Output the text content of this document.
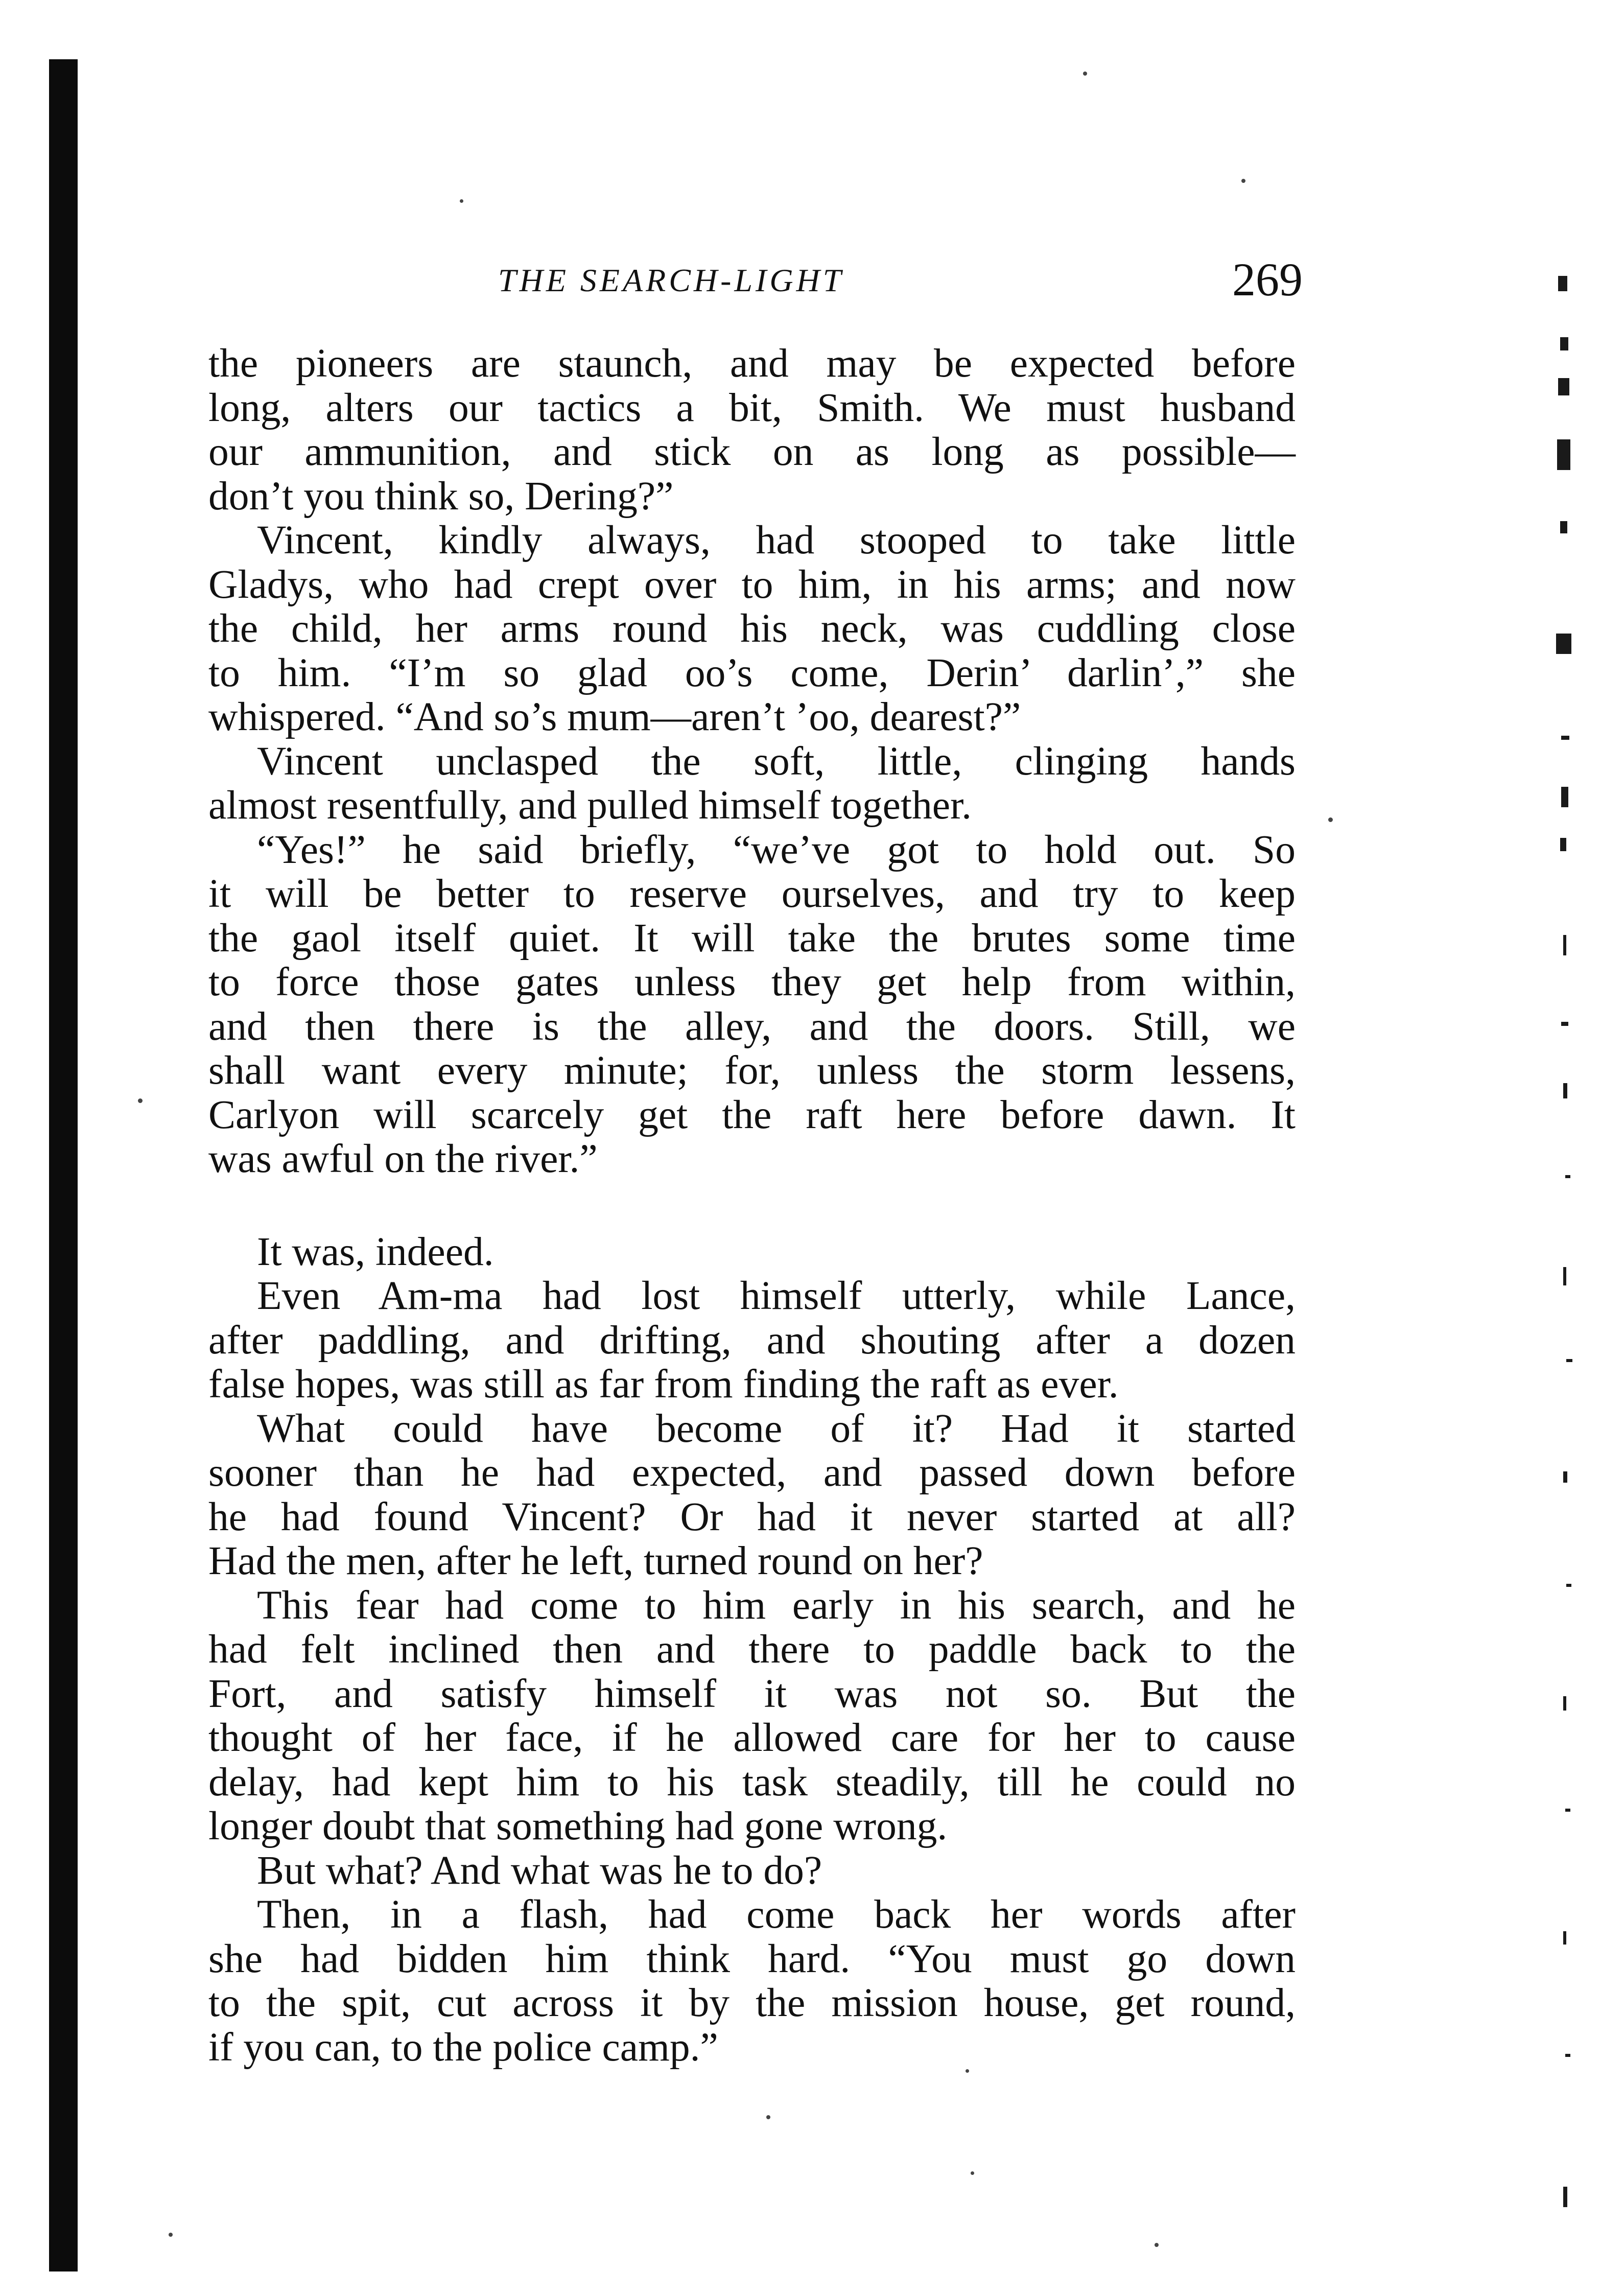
THE SEARCH-LIGHT	269
the pioneers are staunch, and may be expected before
long, alters our tactics a bit, Smith. We must husband
our ammunition, and stick on as long as possible—
don’t you think so, Dering?”
Vincent, kindly always, had stooped to take little
Gladys, who had crept over to him, in his arms; and now
the child, her arms round his neck, was cuddling close
to him. “I’m so glad oo’s come, Derin’ darlin’,” she
whispered. “And so’s mum—aren’t ’oo, dearest?”
Vincent unclasped the soft, little, clinging hands
almost resentfully, and pulled himself together.
“Yes!” he said briefly, “we’ve got to hold out. So
it will be better to reserve ourselves, and try to keep
the gaol itself quiet. It will take the brutes some time
to force those gates unless they get help from within,
and then there is the alley, and the doors. Still, we
shall want every minute; for, unless the storm lessens,
Carlyon will scarcely get the raft here before dawn. It
was awful on the river.”
It was, indeed.
Even Am-ma had lost himself utterly, while Lance,
after paddling, and drifting, and shouting after a dozen
false hopes, was still as far from finding the raft as ever.
What could have become of it? Had it started
sooner than he had expected, and passed down before
he had found Vincent? Or had it never started at all?
Had the men, after he left, turned round on her?
This fear had come to him early in his search, and he
had felt inclined then and there to paddle back to the
Fort, and satisfy himself it was not so. But the
thought of her face, if he allowed care for her to cause
delay, had kept him to his task steadily, till he could no
longer doubt that something had gone wrong.
But what? And what was he to do?
Then, in a flash, had come back her words after
she had bidden him think hard. “You must go down
to the spit, cut across it by the mission house, get round,
if you can, to the police camp.”
